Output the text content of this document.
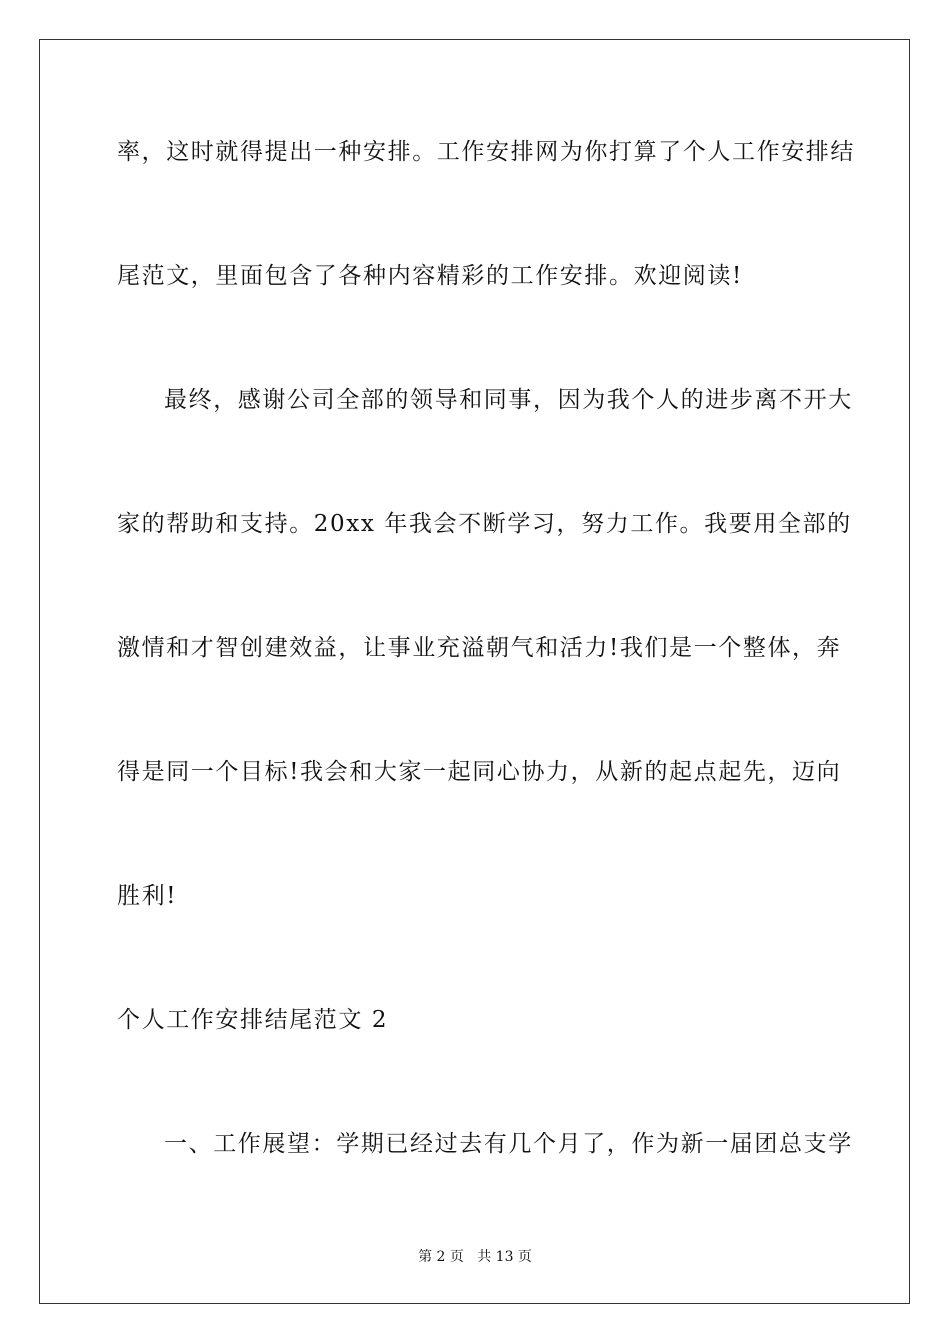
率，这时就得提出一种安排。工作安排网为你打算了个人工作安排结
尾范文，里面包含了各种内容精彩的工作安排。欢迎阅读!
最终，感谢公司全部的领导和同事，因为我个人的进步离不开大
家的帮助和支持。20xx 年我会不断学习，努力工作。我要用全部的
激情和才智创建效益，让事业充溢朝气和活力!我们是一个整体，奔
得是同一个目标!我会和大家一起同心协力，从新的起点起先，迈向
胜利!
个人工作安排结尾范文 2
一、工作展望：学期已经过去有几个月了，作为新一届团总支学
第 2 页   共 13 页
